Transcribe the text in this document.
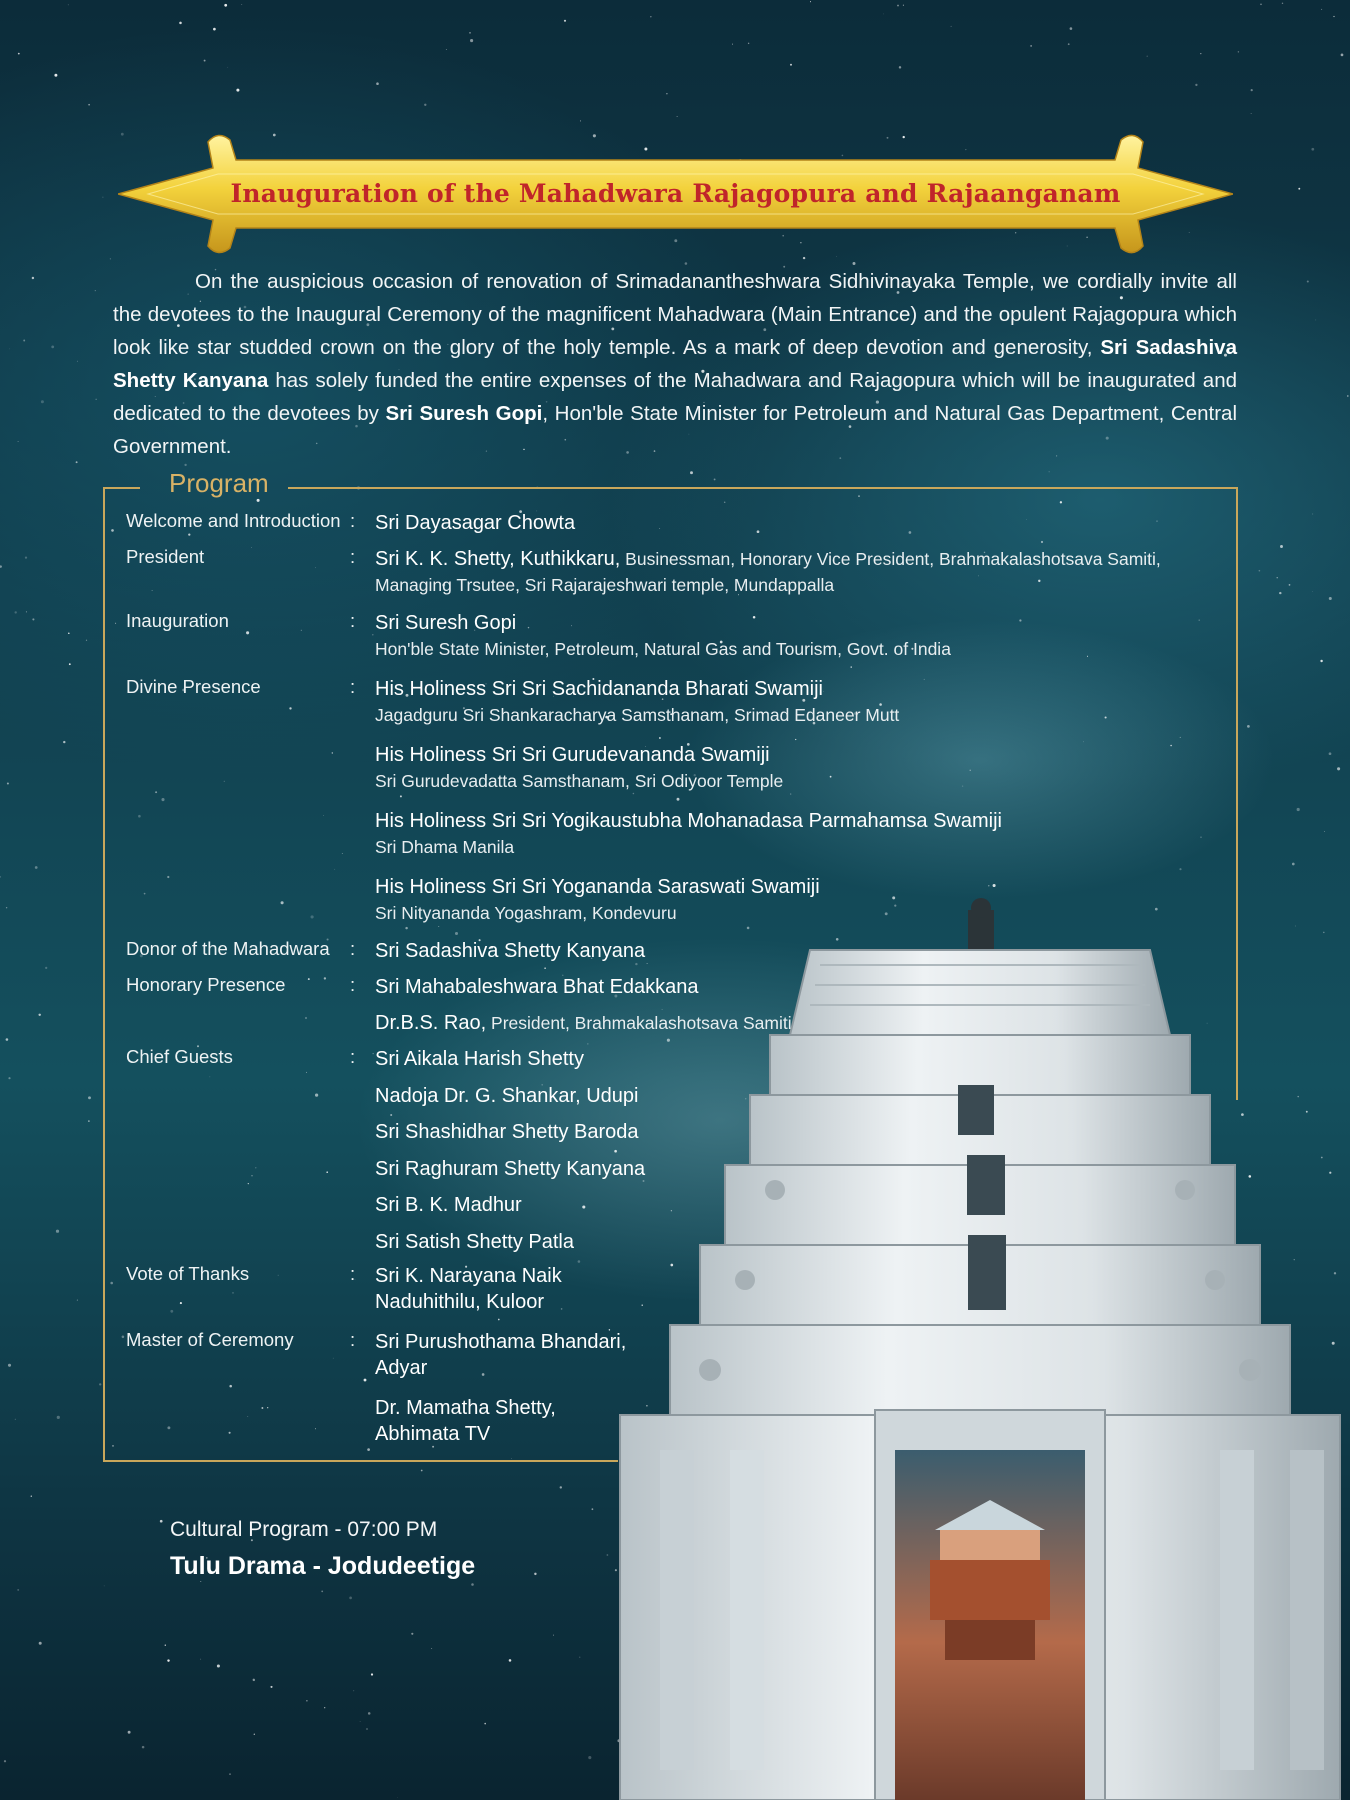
Inauguration of the Mahadwara Rajagopura and Rajaanganam
On the auspicious occasion of renovation of Srimadanantheshwara Sidhivinayaka Temple, we cordially invite all the devotees to the Inaugural Ceremony of the magnificent Mahadwara (Main Entrance) and the opulent Rajagopura which look like star studded crown on the glory of the holy temple. As a mark of deep devotion and generosity, Sri Sadashiva Shetty Kanyana has solely funded the entire expenses of the Mahadwara and Rajagopura which will be inaugurated and dedicated to the devotees by Sri Suresh Gopi, Hon'ble State Minister for Petroleum and Natural Gas Department, Central Government.
Program
Welcome and Introduction : Sri Dayasagar Chowta
President	: Sri K. K. Shetty, Kuthikkaru, Businessman, Honorary Vice President, Brahmakalashotsava Samiti,
Managing Trsutee, Sri Rajarajeshwari temple, Mundappalla
Inauguration	: Sri Suresh Gopi
Hon'ble State Minister, Petroleum, Natural Gas and Tourism, Govt. of India
Divine Presence	: His Holiness Sri Sri Sachidananda Bharati Swamiji
Jagadguru Sri Shankaracharya Samsthanam, Srimad Edaneer Mutt
His Holiness Sri Sri Gurudevananda Swamiji
Sri Gurudevadatta Samsthanam, Sri Odiyoor Temple
His Holiness Sri Sri Yogikaustubha Mohanadasa Parmahamsa Swamiji
Sri Dhama Manila
His Holiness Sri Sri Yogananda Saraswati Swamiji
Sri Nityananda Yogashram, Kondevuru
Donor of the Mahadwara	: Sri Sadashiva Shetty Kanyana
Honorary Presence	: Sri Mahabaleshwara Bhat Edakkana
Dr.B.S. Rao, President, Brahmakalashotsava Samiti
Chief Guests	: Sri Aikala Harish Shetty
Nadoja Dr. G. Shankar, Udupi
Sri Shashidhar Shetty Baroda
Sri Raghuram Shetty Kanyana
Sri B. K. Madhur
Sri Satish Shetty Patla
Vote of Thanks	: Sri K. Narayana Naik
Naduhithilu, Kuloor
Master of Ceremony	: Sri Purushothama Bhandari,
Adyar
Dr. Mamatha Shetty,
Abhimata TV
Cultural Program - 07:00 PM
Tulu Drama - Jodudeetige
